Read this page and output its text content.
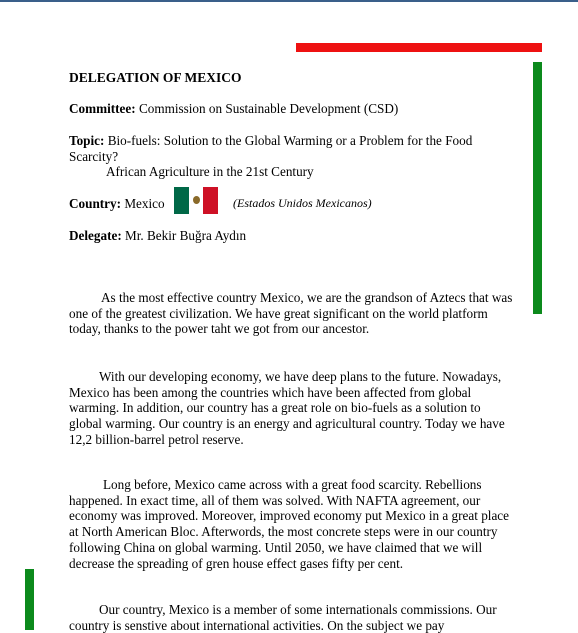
DELEGATION OF MEXICO
Committee: Commission on Sustainable Development (CSD)
Topic: Bio-fuels: Solution to the Global Warming or a Problem for the Food Scarcity?
African Agriculture in the 21st Century
Country: Mexico	(Estados Unidos Mexicanos)
Delegate: Mr. Bekir Buğra Aydın
As the most effective country Mexico, we are the grandson of Aztecs that was one of the greatest civilization. We have great significant on the world platform today, thanks to the power taht we got from our ancestor.
With our developing economy, we have deep plans to the future. Nowadays, Mexico has been among the countries which have been affected from global warming. In addition, our country has a great role on bio-fuels as a solution to global warming. Our country is an energy and agricultural country. Today we have 12,2 billion-barrel petrol reserve.
Long before, Mexico came across with a great food scarcity. Rebellions happened. In exact time, all of them was solved. With NAFTA agreement, our economy was improved. Moreover, improved economy put Mexico in a great place at North American Bloc. Afterwords, the most concrete steps were in our country following China on global warming. Until 2050, we have claimed that we will decrease the spreading of gren house effect gases fifty per cent.
Our country, Mexico is a member of some internationals commissions. Our country is senstive about international activities. On the subject we pay
